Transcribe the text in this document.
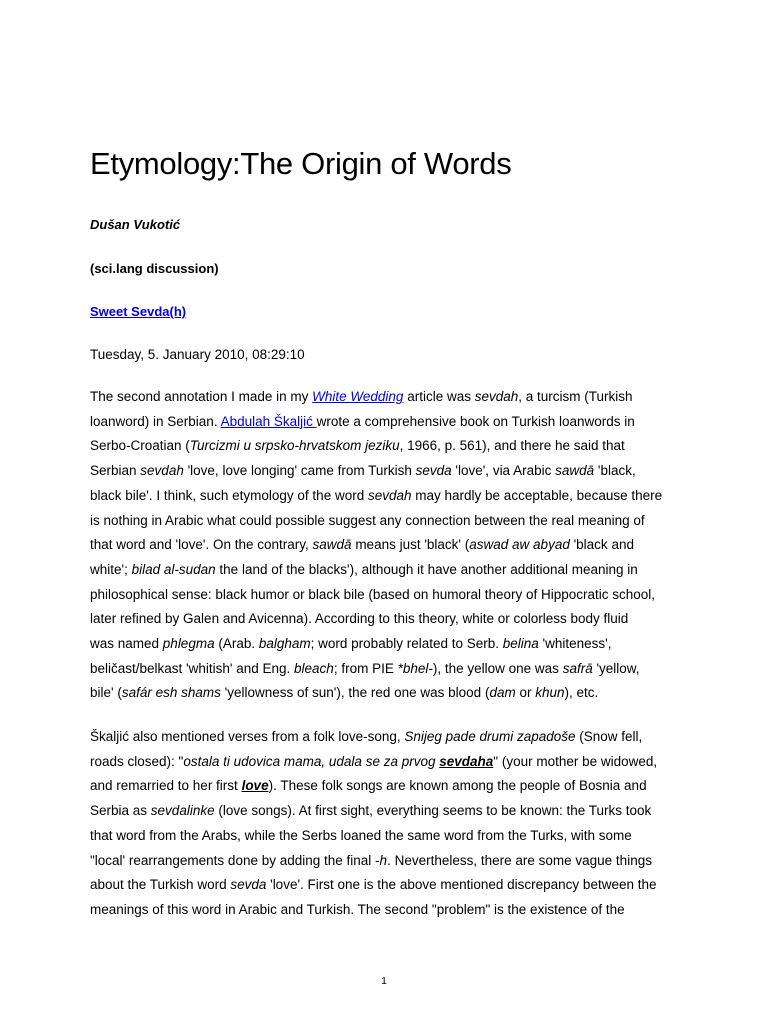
Etymology:The Origin of Words
Dušan Vukotić
(sci.lang discussion)
Sweet Sevda(h)
Tuesday, 5. January 2010, 08:29:10
The second annotation I made in my White Wedding article was sevdah, a turcism (Turkish
loanword) in Serbian. Abdulah Škaljić wrote a comprehensive book on Turkish loanwords in
Serbo-Croatian (Turcizmi u srpsko-hrvatskom jeziku, 1966, p. 561), and there he said that
Serbian sevdah 'love, love longing' came from Turkish sevda 'love', via Arabic sawdā 'black,
black bile'. I think, such etymology of the word sevdah may hardly be acceptable, because there
is nothing in Arabic what could possible suggest any connection between the real meaning of
that word and 'love'. On the contrary, sawdā means just 'black' (aswad aw abyad 'black and
white'; bilad al-sudan the land of the blacks'), although it have another additional meaning in
philosophical sense: black humor or black bile (based on humoral theory of Hippocratic school,
later refined by Galen and Avicenna). According to this theory, white or colorless body fluid
was named phlegma (Arab. balgham; word probably related to Serb. belina 'whiteness',
beličast/belkast 'whitish' and Eng. bleach; from PIE *bhel-), the yellow one was safrā 'yellow,
bile' (safár esh shams 'yellowness of sun'), the red one was blood (dam or khun), etc.
Škaljić also mentioned verses from a folk love-song, Snijeg pade drumi zapadoše (Snow fell,
roads closed): "ostala ti udovica mama, udala se za prvog sevdaha" (your mother be widowed,
and remarried to her first love). These folk songs are known among the people of Bosnia and
Serbia as sevdalinke (love songs). At first sight, everything seems to be known: the Turks took
that word from the Arabs, while the Serbs loaned the same word from the Turks, with some
"local' rearrangements done by adding the final -h. Nevertheless, there are some vague things
about the Turkish word sevda 'love'. First one is the above mentioned discrepancy between the
meanings of this word in Arabic and Turkish. The second "problem" is the existence of the
1
